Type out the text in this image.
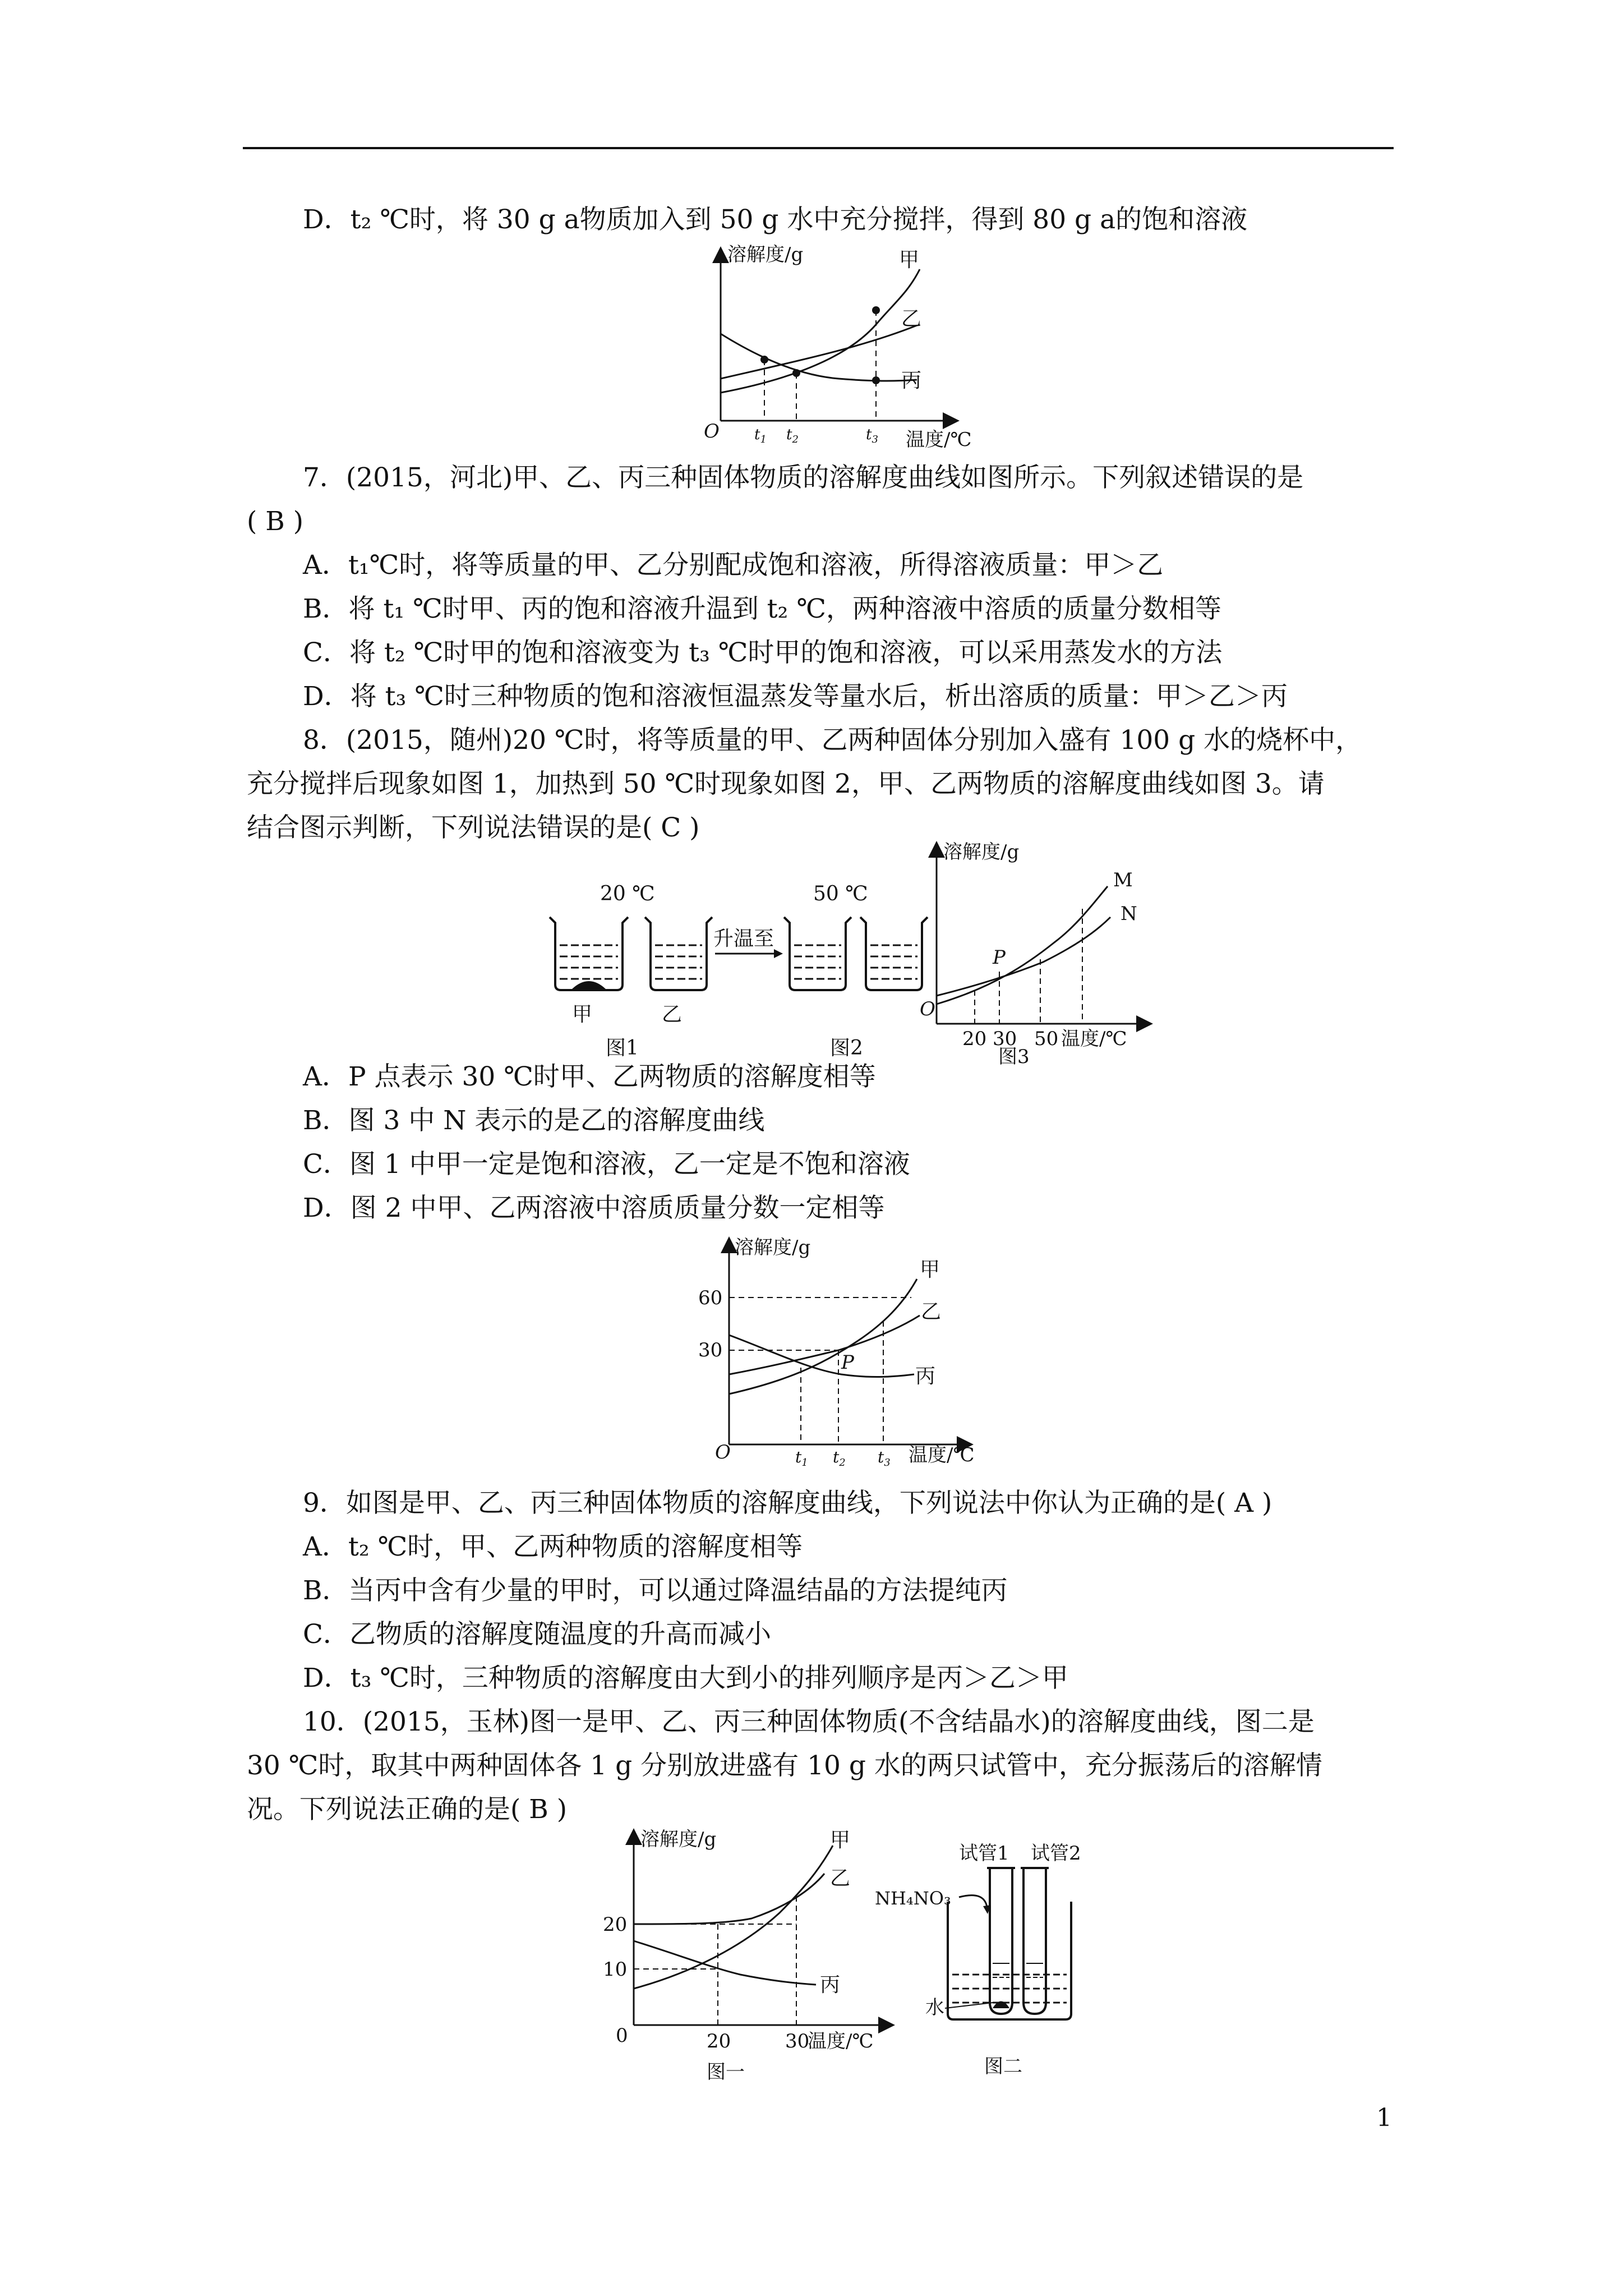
D．t₂ ℃时，将 30 g a物质加入到 50 g 水中充分搅拌，得到 80 g a的饱和溶液
溶解度/g
温度/℃
O
甲
乙
丙
$t_1$ $t_2$	$t_3$
7．(2015，河北)甲、乙、丙三种固体物质的溶解度曲线如图所示。下列叙述错误的是
( B )
A．t₁℃时，将等质量的甲、乙分别配成饱和溶液，所得溶液质量：甲＞乙
B．将 t₁ ℃时甲、丙的饱和溶液升温到 t₂ ℃，两种溶液中溶质的质量分数相等
C．将 t₂ ℃时甲的饱和溶液变为 t₃ ℃时甲的饱和溶液，可以采用蒸发水的方法
D．将 t₃ ℃时三种物质的饱和溶液恒温蒸发等量水后，析出溶质的质量：甲＞乙＞丙
8．(2015，随州)20 ℃时，将等质量的甲、乙两种固体分别加入盛有 100 g 水的烧杯中，
充分搅拌后现象如图 1，加热到 50 ℃时现象如图 2，甲、乙两物质的溶解度曲线如图 3。请
结合图示判断，下列说法错误的是( C )
20 ℃	50 ℃
升温至
甲	乙
图1	图2
溶解度/g
O
P
M
N
20 30 50 温度/℃
图3
A．P 点表示 30 ℃时甲、乙两物质的溶解度相等
B．图 3 中 N 表示的是乙的溶解度曲线
C．图 1 中甲一定是饱和溶液，乙一定是不饱和溶液
D．图 2 中甲、乙两溶液中溶质质量分数一定相等
溶解度/g
O
60
30
P
甲
乙
丙
$t_1$ $t_2$ $t_3$ 温度/℃
9．如图是甲、乙、丙三种固体物质的溶解度曲线，下列说法中你认为正确的是( A )
A．t₂ ℃时，甲、乙两种物质的溶解度相等
B．当丙中含有少量的甲时，可以通过降温结晶的方法提纯丙
C．乙物质的溶解度随温度的升高而减小
D．t₃ ℃时，三种物质的溶解度由大到小的排列顺序是丙＞乙＞甲
10．(2015，玉林)图一是甲、乙、丙三种固体物质(不含结晶水)的溶解度曲线，图二是
30 ℃时，取其中两种固体各 1 g 分别放进盛有 10 g 水的两只试管中，充分振荡后的溶解情
况。下列说法正确的是( B )
溶解度/g
0
20
10
甲
乙
丙
20	30
温度/℃
图一
试管1 试管2
NH₄NO₃
水
图二
1
